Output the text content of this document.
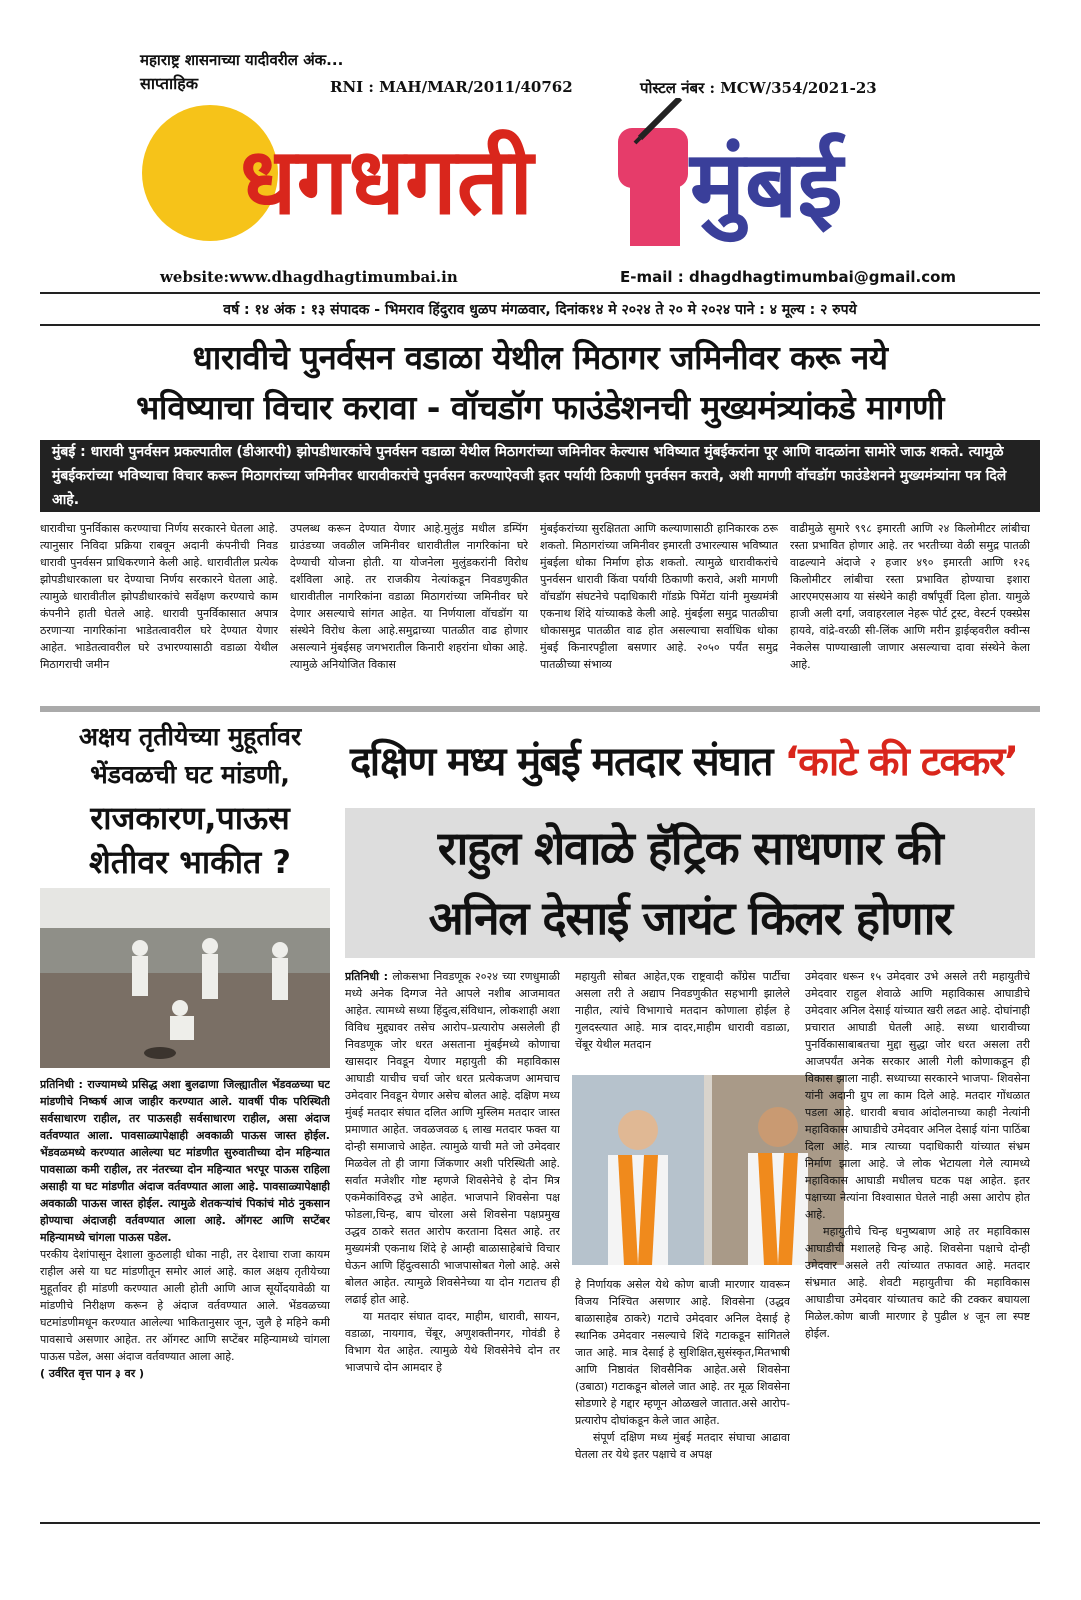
महाराष्ट्र शासनाच्या यादीवरील अंक...
साप्ताहिक	RNI : MAH/MAR/2011/40762	पोस्टल नंबर : MCW/354/2021-23
धगधगती मुंबई
website:www.dhagdhagtimumbai.in	E-mail : dhagdhagtimumbai@gmail.com
वर्ष : १४ अंक : १३ संपादक - भिमराव हिंदुराव धुळप मंगळवार, दिनांक१४ मे २०२४ ते २० मे २०२४ पाने : ४ मूल्य : २ रुपये
धारावीचे पुनर्वसन वडाळा येथील मिठागर जमिनीवर करू नये
भविष्याचा विचार करावा - वॉचडॉग फाउंडेशनची मुख्यमंत्र्यांकडे मागणी
मुंबई : धारावी पुनर्वसन प्रकल्पातील (डीआरपी) झोपडीधारकांचे पुनर्वसन वडाळा येथील मिठागरांच्या जमिनीवर केल्यास भविष्यात मुंबईकरांना पूर आणि वादळांना सामोरे जाऊ शकते. त्यामुळे मुंबईकरांच्या भविष्याचा विचार करून मिठागरांच्या जमिनीवर धारावीकरांचे पुनर्वसन करण्याऐवजी इतर पर्यायी ठिकाणी पुनर्वसन करावे, अशी मागणी वॉचडॉग फाउंडेशनने मुख्यमंत्र्यांना पत्र दिले आहे.
धारावीचा पुनर्विकास करण्याचा निर्णय सरकारने घेतला आहे. त्यानुसार निविदा प्रक्रिया राबवून अदानी कंपनीची निवड धारावी पुनर्वसन प्राधिकरणाने केली आहे. धारावीतील प्रत्येक झोपडीधारकाला घर देण्याचा निर्णय सरकारने घेतला आहे. त्यामुळे धारावीतील झोपडीधारकांचे सर्वेक्षण करण्याचे काम कंपनीने हाती घेतले आहे. धारावी पुनर्विकासात अपात्र ठरणाऱ्या नागरिकांना भाडेतत्वावरील घरे देण्यात येणार आहेत. भाडेतत्वावरील घरे उभारण्यासाठी वडाळा येथील मिठागराची जमीन
उपलब्ध करून देण्यात येणार आहे.मुलुंड मधील डम्पिंग ग्राउंडच्या जवळील जमिनीवर धारावीतील नागरिकांना घरे देण्याची योजना होती. या योजनेला मुलुंडकरांनी विरोध दर्शविला आहे. तर राजकीय नेत्यांकडून निवडणुकीत धारावीतील नागरिकांना वडाळा मिठागरांच्या जमिनीवर घरे देणार असल्याचे सांगत आहेत. या निर्णयाला वॉचडॉग या संस्थेने विरोध केला आहे.समुद्राच्या पातळीत वाढ होणार असल्याने मुंबईसह जगभरातील किनारी शहरांना धोका आहे. त्यामुळे अनियोजित विकास
मुंबईकरांच्या सुरक्षितता आणि कल्याणासाठी हानिकारक ठरू शकतो. मिठागरांच्या जमिनीवर इमारती उभारल्यास भविष्यात मुंबईला धोका निर्माण होऊ शकतो. त्यामुळे धारावीकरांचे पुनर्वसन धारावी किंवा पर्यायी ठिकाणी करावे, अशी मागणी वॉचडॉग संघटनेचे पदाधिकारी गॉडफ्रे पिमेंटा यांनी मुख्यमंत्री एकनाथ शिंदे यांच्याकडे केली आहे. मुंबईला समुद्र पातळीचा धोकासमुद्र पातळीत वाढ होत असल्याचा सर्वाधिक धोका मुंबई किनारपट्टीला बसणार आहे. २०५० पर्यंत समुद्र पातळीच्या संभाव्य
वाढीमुळे सुमारे ९९८ इमारती आणि २४ किलोमीटर लांबीचा रस्ता प्रभावित होणार आहे. तर भरतीच्या वेळी समुद्र पातळी वाढल्याने अंदाजे २ हजार ४९० इमारती आणि १२६ किलोमीटर लांबीचा रस्ता प्रभावित होण्याचा इशारा आरएमएसआय या संस्थेने काही वर्षांपूर्वी दिला होता. यामुळे हाजी अली दर्गा, जवाहरलाल नेहरू पोर्ट ट्रस्ट, वेस्टर्न एक्स्प्रेस हायवे, वांद्रे-वरळी सी-लिंक आणि मरीन ड्राईव्हवरील क्वीन्स नेकलेस पाण्याखाली जाणार असल्याचा दावा संस्थेने केला आहे.
अक्षय तृतीयेच्या मुहूर्तावर
भेंडवळची घट मांडणी,
राजकारण,पाऊस
शेतीवर भाकीत ?
प्रतिनिधी : राज्यामध्ये प्रसिद्ध अशा बुलढाणा जिल्ह्यातील भेंडवळच्या घट मांडणीचे निष्कर्ष आज जाहीर करण्यात आले. यावर्षी पीक परिस्थिती सर्वसाधारण राहील, तर पाऊसही सर्वसाधारण राहील, असा अंदाज वर्तवण्यात आला. पावसाळ्यापेक्षाही अवकाळी पाऊस जास्त होईल. भेंडवळमध्ये करण्यात आलेल्या घट मांडणीत सुरुवातीच्या दोन महिन्यात पावसाळा कमी राहील, तर नंतरच्या दोन महिन्यात भरपूर पाऊस राहिला असाही या घट मांडणीत अंदाज वर्तवण्यात आला आहे. पावसाळ्यापेक्षाही अवकाळी पाऊस जास्त होईल. त्यामुळे शेतकऱ्यांचं पिकांचं मोठं नुकसान होण्याचा अंदाजही वर्तवण्यात आला आहे. ऑगस्ट आणि सप्टेंबर महिन्यामध्ये चांगला पाऊस पडेल.
परकीय देशांपासून देशाला कुठलाही धोका नाही, तर देशाचा राजा कायम राहील असे या घट मांडणीतून समोर आलं आहे. काल अक्षय तृतीयेच्या मुहूर्तावर ही मांडणी करण्यात आली होती आणि आज सूर्योदयावेळी या मांडणीचे निरीक्षण करून हे अंदाज वर्तवण्यात आले. भेंडवळच्या घटमांडणीमधून करण्यात आलेल्या भाकितानुसार जून, जुलै हे महिने कमी पावसाचे असणार आहेत. तर ऑगस्ट आणि सप्टेंबर महिन्यामध्ये चांगला पाऊस पडेल, असा अंदाज वर्तवण्यात आला आहे.
( उर्वरित वृत्त पान ३ वर )
दक्षिण मध्य मुंबई मतदार संघात ‘काटे की टक्कर’
राहुल शेवाळे हॅट्रिक साधणार की
अनिल देसाई जायंट किलर होणार
प्रतिनिधी : लोकसभा निवडणूक २०२४ च्या रणधुमाळी मध्ये अनेक दिग्गज नेते आपले नशीब आजमावत आहेत. त्यामध्ये सध्या हिंदुत्व,संविधान, लोकशाही अशा विविध मुद्द्यावर तसेच आरोप–प्रत्यारोप असलेली ही निवडणूक जोर धरत असताना मुंबईमध्ये कोणाचा खासदार निवडून येणार महायुती की महाविकास आघाडी याचीच चर्चा जोर धरत प्रत्येकजण आमचाच उमेदवार निवडून येणार असेच बोलत आहे. दक्षिण मध्य मुंबई मतदार संघात दलित आणि मुस्लिम मतदार जास्त प्रमाणात आहेत. जवळजवळ ६ लाख मतदार फक्त या दोन्ही समाजाचे आहेत. त्यामुळे याची मते जो उमेदवार मिळवेल तो ही जागा जिंकणार अशी परिस्थिती आहे. सर्वात मजेशीर गोष्ट म्हणजे शिवसेनेचे हे दोन मित्र एकमेकांविरुद्ध उभे आहेत. भाजपाने शिवसेना पक्ष फोडला,चिन्ह, बाप चोरला असे शिवसेना पक्षप्रमुख उद्धव ठाकरे सतत आरोप करताना दिसत आहे. तर मुख्यमंत्री एकनाथ शिंदे हे आम्ही बाळासाहेबांचे विचार घेऊन आणि हिंदुत्वसाठी भाजपासोबत गेलो आहे. असे बोलत आहेत. त्यामुळे शिवसेनेच्या या दोन गटातच ही लढाई होत आहे.
या मतदार संघात दादर, माहीम, धारावी, सायन, वडाळा, नायगाव, चेंबूर, अणुशक्तीनगर, गोवंडी हे विभाग येत आहेत. त्यामुळे येथे शिवसेनेचे दोन तर भाजपाचे दोन आमदार हे
महायुती सोबत आहेत,एक राष्ट्रवादी कॉंग्रेस पार्टीचा असला तरी ते अद्याप निवडणुकीत सहभागी झालेले नाहीत, त्यांचे विभागाचे मतदान कोणाला होईल हे गुलदस्त्यात आहे. मात्र दादर,माहीम धारावी वडाळा, चेंबूर येथील मतदान
हे निर्णायक असेल येथे कोण बाजी मारणार यावरून विजय निश्चित असणार आहे. शिवसेना (उद्धव बाळासाहेब ठाकरे) गटाचे उमेदवार अनिल देसाई हे स्थानिक उमेदवार नसल्याचे शिंदे गटाकडून सांगितले जात आहे. मात्र देसाई हे सुशिक्षित,सुसंस्कृत,मितभाषी आणि निष्ठावंत शिवसैनिक आहेत.असे शिवसेना (उबाठा) गटाकडून बोलले जात आहे. तर मूळ शिवसेना सोडणारे हे गद्दार म्हणून ओळखले जातात.असे आरोप- प्रत्यारोप दोघांकडून केले जात आहेत.
संपूर्ण दक्षिण मध्य मुंबई मतदार संघाचा आढावा घेतला तर येथे इतर पक्षाचे व अपक्ष
उमेदवार धरून १५ उमेदवार उभे असले तरी महायुतीचे उमेदवार राहुल शेवाळे आणि महाविकास आघाडीचे उमेदवार अनिल देसाई यांच्यात खरी लढत आहे. दोघांनाही प्रचारात आघाडी घेतली आहे. सध्या धारावीच्या पुनर्विकासाबाबतचा मुद्दा सुद्धा जोर धरत असला तरी आजपर्यंत अनेक सरकार आली गेली कोणाकडून ही विकास झाला नाही. सध्याच्या सरकारने भाजपा- शिवसेना यांनी अदानी ग्रुप ला काम दिले आहे. मतदार गोंधळात पडला आहे. धारावी बचाव आंदोलनाच्या काही नेत्यांनी महाविकास आघाडीचे उमेदवार अनिल देसाई यांना पाठिंबा दिला आहे. मात्र त्याच्या पदाधिकारी यांच्यात संभ्रम निर्माण झाला आहे. जे लोक भेटायला गेले त्यामध्ये महाविकास आघाडी मधीलच घटक पक्ष आहेत. इतर पक्षाच्या नेत्यांना विश्वासात घेतले नाही असा आरोप होत आहे.
महायुतीचे चिन्ह धनुष्यबाण आहे तर महाविकास आघाडीची मशालहे चिन्ह आहे. शिवसेना पक्षाचे दोन्ही उमेदवार असले तरी त्यांच्यात तफावत आहे. मतदार संभ्रमात आहे. शेवटी महायुतीचा की महाविकास आघाडीचा उमेदवार यांच्यातच काटे की टक्कर बघायला मिळेल.कोण बाजी मारणार हे पुढील ४ जून ला स्पष्ट होईल.
